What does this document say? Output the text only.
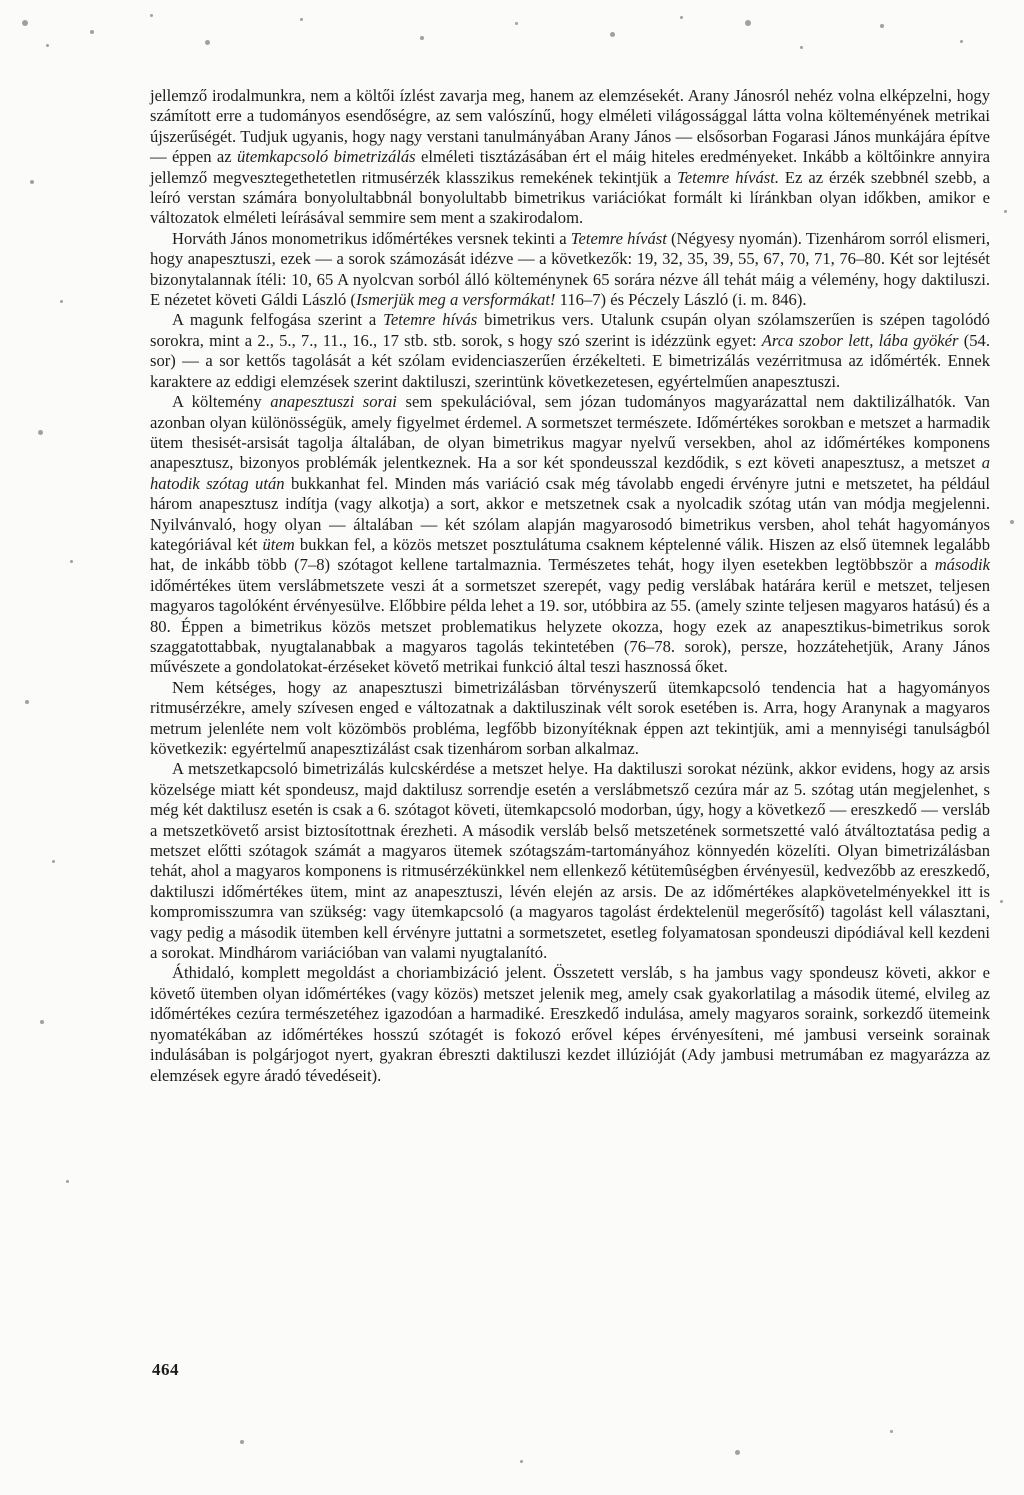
jellemző irodalmunkra, nem a költői ízlést zavarja meg, hanem az elemzésekét. Arany Jánosról nehéz volna elképzelni, hogy számított erre a tudományos esendőségre, az sem valószínű, hogy elméleti világossággal látta volna költeményének metrikai újszerűségét. Tudjuk ugyanis, hogy nagy verstani tanulmányában Arany János — elsősorban Fogarasi János munkájára építve — éppen az ütemkapcsoló bimetrizálás elméleti tisztázásában ért el máig hiteles eredményeket. Inkább a költőinkre annyira jellemző megvesztegethetetlen ritmusérzék klasszikus remekének tekintjük a Tetemre hívást. Ez az érzék szebbnél szebb, a leíró verstan számára bonyolultabbnál bonyolultabb bimetrikus variációkat formált ki líránkban olyan időkben, amikor e változatok elméleti leírásával semmire sem ment a szakirodalom.

Horváth János monometrikus időmértékes versnek tekinti a Tetemre hívást (Négyesy nyomán). Tizenhárom sorról elismeri, hogy anapesztuszi, ezek — a sorok számozását idézve — a következők: 19, 32, 35, 39, 55, 67, 70, 71, 76–80. Két sor lejtését bizonytalannak ítéli: 10, 65 A nyolcvan sorból álló költeménynek 65 sorára nézve áll tehát máig a vélemény, hogy daktiluszi. E nézetet követi Gáldi László (Ismerjük meg a versformákat! 116–7) és Péczely László (i. m. 846).

A magunk felfogása szerint a Tetemre hívás bimetrikus vers. Utalunk csupán olyan szólamszerűen is szépen tagolódó sorokra, mint a 2., 5., 7., 11., 16., 17 stb. stb. sorok, s hogy szó szerint is idézzünk egyet: Arca szobor lett, lába gyökér (54. sor) — a sor kettős tagolását a két szólam evidenciaszerűen érzékelteti. E bimetrizálás vezérritmusa az időmérték. Ennek karaktere az eddigi elemzések szerint daktiluszi, szerintünk következetesen, egyértelműen anapesztuszi.

A költemény anapesztuszi sorai sem spekulációval, sem józan tudományos magyarázattal nem daktilizálhatók. Van azonban olyan különösségük, amely figyelmet érdemel. A sormetszet természete. Időmértékes sorokban e metszet a harmadik ütem thesisét-arsisát tagolja általában, de olyan bimetrikus magyar nyelvű versekben, ahol az időmértékes komponens anapesztusz, bizonyos problémák jelentkeznek. Ha a sor két spondeusszal kezdődik, s ezt követi anapesztusz, a metszet a hatodik szótag után bukkanhat fel. Minden más variáció csak még távolabb engedi érvényre jutni e metszetet, ha például három anapesztusz indítja (vagy alkotja) a sort, akkor e metszetnek csak a nyolcadik szótag után van módja megjelenni. Nyilvánvaló, hogy olyan — általában — két szólam alapján magyarosodó bimetrikus versben, ahol tehát hagyományos kategóriával két ütem bukkan fel, a közös metszet posztulátuma csaknem képtelenné válik. Hiszen az első ütemnek legalább hat, de inkább több (7–8) szótagot kellene tartalmaznia. Természetes tehát, hogy ilyen esetekben legtöbbször a második időmértékes ütem verslábmetszete veszi át a sormetszet szerepét, vagy pedig verslábak határára kerül e metszet, teljesen magyaros tagolóként érvényesülve. Előbbire példa lehet a 19. sor, utóbbira az 55. (amely szinte teljesen magyaros hatású) és a 80. Éppen a bimetrikus közös metszet problematikus helyzete okozza, hogy ezek az anapesztikus-bimetrikus sorok szaggatottabbak, nyugtalanabbak a magyaros tagolás tekintetében (76–78. sorok), persze, hozzátehetjük, Arany János művészete a gondolatokat-érzéseket követő metrikai funkció által teszi hasznossá őket.

Nem kétséges, hogy az anapesztuszi bimetrizálásban törvényszerű ütemkapcsoló tendencia hat a hagyományos ritmusérzékre, amely szívesen enged e változatnak a daktiluszinak vélt sorok esetében is. Arra, hogy Aranynak a magyaros metrum jelenléte nem volt közömbös probléma, legfőbb bizonyítéknak éppen azt tekintjük, ami a mennyiségi tanulságból következik: egyértelmű anapesztizálást csak tizenhárom sorban alkalmaz.

A metszetkapcsoló bimetrizálás kulcskérdése a metszet helye. Ha daktiluszi sorokat nézünk, akkor evidens, hogy az arsis közelsége miatt két spondeusz, majd daktilusz sorrendje esetén a verslábmetsző cezúra már az 5. szótag után megjelenhet, s még két daktilusz esetén is csak a 6. szótagot követi, ütemkapcsoló modorban, úgy, hogy a következő — ereszkedő — versláb a metszetkövető arsist biztosítottnak érezheti. A második versláb belső metszetének sormetszetté való átváltoztatása pedig a metszet előtti szótagok számát a magyaros ütemek szótagszám-tartományához könnyedén közelíti. Olyan bimetrizálásban tehát, ahol a magyaros komponens is ritmusérzékünkkel nem ellenkező kétütemûségben érvényesül, kedvezőbb az ereszkedő, daktiluszi időmértékes ütem, mint az anapesztuszi, lévén elején az arsis. De az időmértékes alapkövetelményekkel itt is kompromisszumra van szükség: vagy ütemkapcsoló (a magyaros tagolást érdektelenül megerősítő) tagolást kell választani, vagy pedig a második ütemben kell érvényre juttatni a sormetszetet, esetleg folyamatosan spondeuszi dipódiával kell kezdeni a sorokat. Mindhárom variációban van valami nyugtalanító.

Áthidaló, komplett megoldást a choriambizáció jelent. Összetett versláb, s ha jambus vagy spondeusz követi, akkor e követő ütemben olyan időmértékes (vagy közös) metszet jelenik meg, amely csak gyakorlatilag a második ütemé, elvileg az időmértékes cezúra természetéhez igazodóan a harmadiké. Ereszkedő indulása, amely magyaros soraink, sorkezdő ütemeink nyomatékában az időmértékes hosszú szótagét is fokozó erővel képes érvényesíteni, mé jambusi verseink sorainak indulásában is polgárjogot nyert, gyakran ébreszti daktiluszi kezdet illúzióját (Ady jambusi metrumában ez magyarázza az elemzések egyre áradó tévedéseit).

464
